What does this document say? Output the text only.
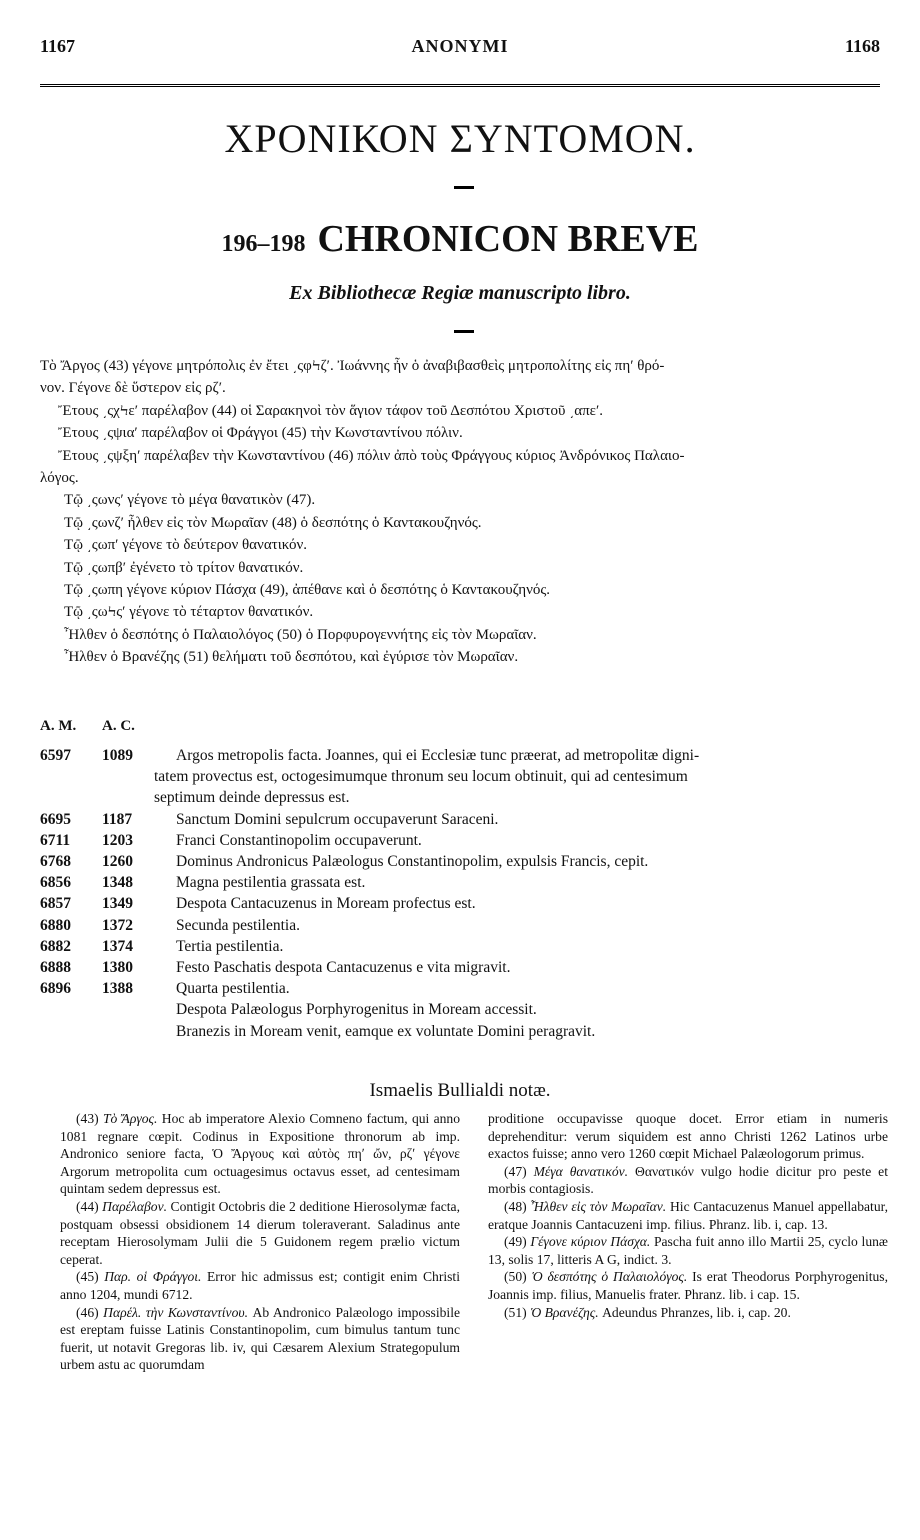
1167	ANONYMI	1168
ΧΡΟΝΙΚΟΝ ΣΥΝΤΟΜΟΝ.
196–198 CHRONICON BREVE
Ex Bibliothecæ Regiæ manuscripto libro.
Τὸ Ἄργος (43) γέγονε μητρόπολις ἐν ἔτει ͵ςφϞζʹ. Ἰωάννης ἦν ὁ ἀναβιβασθεὶς μητροπολίτης εἰς πηʹ θρό-
νον. Γέγονε δὲ ὕστερον εἰς ρζʹ.
Ἔτους ͵ςχϞεʹ παρέλαβον (44) οἱ Σαρακηνοὶ τὸν ἅγιον τάφον τοῦ Δεσπότου Χριστοῦ ͵απεʹ.
Ἔτους ͵ςψιαʹ παρέλαβον οἱ Φράγγοι (45) τὴν Κωνσταντίνου πόλιν.
Ἔτους ͵ςψξηʹ παρέλαβεν τὴν Κωνσταντίνου (46) πόλιν ἀπὸ τοὺς Φράγγους κύριος Ἀνδρόνικος Παλαιο-
λόγος.
Τῷ ͵ςωνςʹ γέγονε τὸ μέγα θανατικὸν (47).
Τῷ ͵ςωνζʹ ἦλθεν εἰς τὸν Μωραῖαν (48) ὁ δεσπότης ὁ Καντακουζηνός.
Τῷ ͵ςωπʹ γέγονε τὸ δεύτερον θανατικόν.
Τῷ ͵ςωπβʹ ἐγένετο τὸ τρίτον θανατικόν.
Τῷ ͵ςωπη γέγονε κύριον Πάσχα (49), ἀπέθανε καὶ ὁ δεσπότης ὁ Καντακουζηνός.
Τῷ ͵ςωϞςʹ γέγονε τὸ τέταρτον θανατικόν.
Ἦλθεν ὁ δεσπότης ὁ Παλαιολόγος (50) ὁ Πορφυρογεννήτης εἰς τὸν Μωραῖαν.
Ἦλθεν ὁ Βρανέζης (51) θελήματι τοῦ δεσπότου, καὶ ἐγύρισε τὸν Μωραῖαν.
A. M. A. C.
6597	1089	Argos metropolis facta. Joannes, qui ei Ecclesiæ tunc præerat, ad metropolitæ digni-
tatem provectus est, octogesimumque thronum seu locum obtinuit, qui ad centesimum
septimum deinde depressus est.
6695	1187	Sanctum Domini sepulcrum occupaverunt Saraceni.
6711	1203	Franci Constantinopolim occupaverunt.
6768	1260	Dominus Andronicus Palæologus Constantinopolim, expulsis Francis, cepit.
6856	1348	Magna pestilentia grassata est.
6857	1349	Despota Cantacuzenus in Moream profectus est.
6880	1372	Secunda pestilentia.
6882	1374	Tertia pestilentia.
6888	1380	Festo Paschatis despota Cantacuzenus e vita migravit.
6896	1388	Quarta pestilentia.
Despota Palæologus Porphyrogenitus in Moream accessit.
Branezis in Moream venit, eamque ex voluntate Domini peragravit.
Ismaelis Bullialdi notæ.

(43) Τὸ Ἄργος. Hoc ab imperatore Alexio Comneno factum, qui anno 1081 regnare cœpit. Codinus in Expositione thronorum ab imp. Andronico seniore facta, Ὁ Ἄργους καὶ αὐτὸς πηʹ ὤν, ρζʹ γέγονε Argorum metropolita cum octuagesimus octavus esset, ad centesimam quintam sedem depressus est.

(44) Παρέλαβον. Contigit Octobris die 2 deditione Hierosolymæ facta, postquam obsessi obsidionem 14 dierum toleraverant. Saladinus ante receptam Hierosolymam Julii die 5 Guidonem regem prælio victum ceperat.

(45) Παρ. οἱ Φράγγοι. Error hic admissus est; contigit enim Christi anno 1204, mundi 6712.

(46) Παρέλ. τὴν Κωνσταντίνου. Ab Andronico Palæologo impossibile est ereptam fuisse Latinis Constantinopolim, cum bimulus tantum tunc fuerit, ut notavit Gregoras lib. iv, qui Cæsarem Alexium Strategopulum urbem astu ac quorumdam

proditione occupavisse quoque docet. Error etiam in numeris deprehenditur: verum siquidem est anno Christi 1262 Latinos urbe exactos fuisse; anno vero 1260 cœpit Michael Palæologorum primus.

(47) Μέγα θανατικόν. Θανατικόν vulgo hodie dicitur pro peste et morbis contagiosis.

(48) Ἦλθεν εἰς τὸν Μωραῖαν. Hic Cantacuzenus Manuel appellabatur, eratque Joannis Cantacuzeni imp. filius. Phranz. lib. i, cap. 13.

(49) Γέγονε κύριον Πάσχα. Pascha fuit anno illo Martii 25, cyclo lunæ 13, solis 17, litteris A G, indict. 3.

(50) Ὁ δεσπότης ὁ Παλαιολόγος. Is erat Theodorus Porphyrogenitus, Joannis imp. filius, Manuelis frater. Phranz. lib. i cap. 15.

(51) Ὁ Βρανέζης. Adeundus Phranzes, lib. i, cap. 20.
